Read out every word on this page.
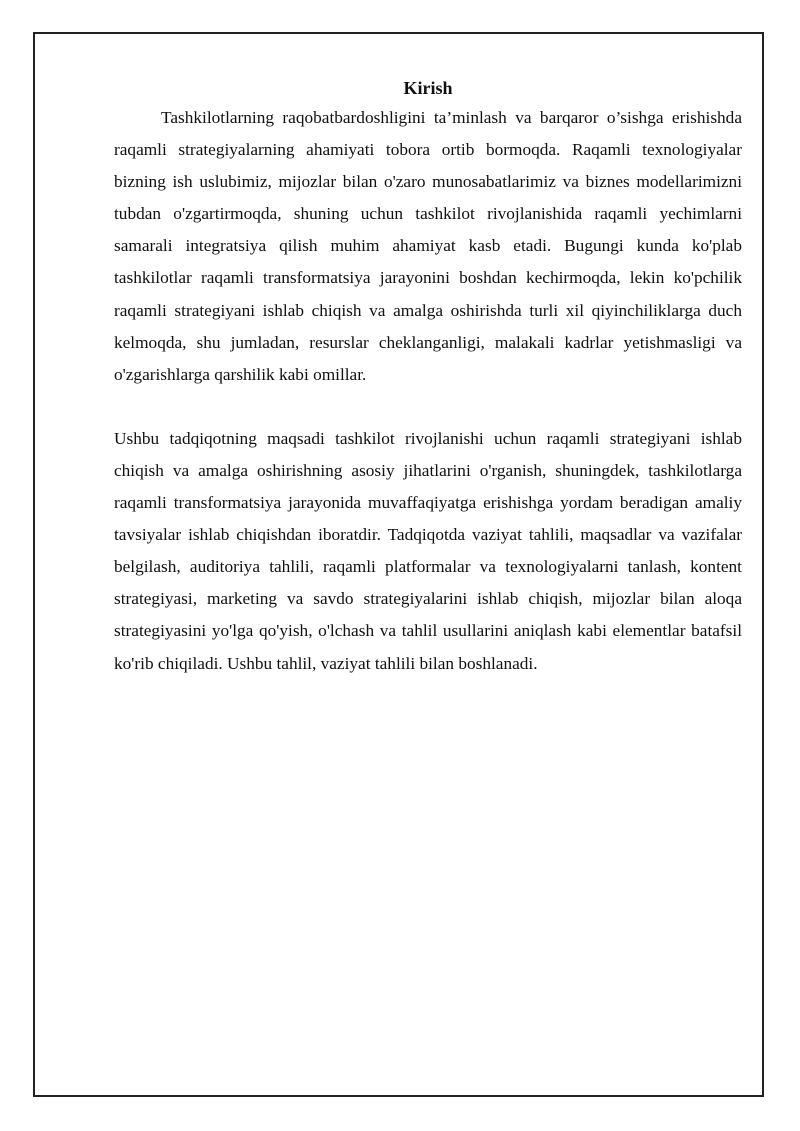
Kirish

Tashkilotlarning raqobatbardoshligini ta’minlash va barqaror o’sishga erishishda raqamli strategiyalarning ahamiyati tobora ortib bormoqda. Raqamli texnologiyalar bizning ish uslubimiz, mijozlar bilan o'zaro munosabatlarimiz va biznes modellarimizni tubdan o'zgartirmoqda, shuning uchun tashkilot rivojlanishida raqamli yechimlarni samarali integratsiya qilish muhim ahamiyat kasb etadi. Bugungi kunda ko'plab tashkilotlar raqamli transformatsiya jarayonini boshdan kechirmoqda, lekin ko'pchilik raqamli strategiyani ishlab chiqish va amalga oshirishda turli xil qiyinchiliklarga duch kelmoqda, shu jumladan, resurslar cheklanganligi, malakali kadrlar yetishmasligi va o'zgarishlarga qarshilik kabi omillar.

Ushbu tadqiqotning maqsadi tashkilot rivojlanishi uchun raqamli strategiyani ishlab chiqish va amalga oshirishning asosiy jihatlarini o'rganish, shuningdek, tashkilotlarga raqamli transformatsiya jarayonida muvaffaqiyatga erishishga yordam beradigan amaliy tavsiyalar ishlab chiqishdan iboratdir. Tadqiqotda vaziyat tahlili, maqsadlar va vazifalar belgilash, auditoriya tahlili, raqamli platformalar va texnologiyalarni tanlash, kontent strategiyasi, marketing va savdo strategiyalarini ishlab chiqish, mijozlar bilan aloqa strategiyasini yo'lga qo'yish, o'lchash va tahlil usullarini aniqlash kabi elementlar batafsil ko'rib chiqiladi. Ushbu tahlil, vaziyat tahlili bilan boshlanadi.
